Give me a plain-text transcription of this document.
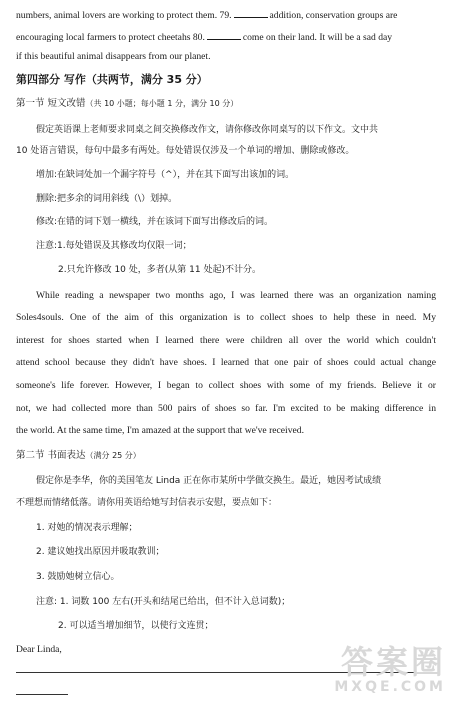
numbers, animal lovers are working to protect them. 79.	addition, conservation groups are
encouraging local farmers to protect cheetahs 80.	come on their land. It will be a sad day
if this beautiful animal disappears from our planet.
第四部分 写作（共两节，满分 35 分）
第一节 短文改错（共 10 小题；每小题 1 分，满分 10 分）
假定英语课上老师要求同桌之间交换修改作文，请你修改你同桌写的以下作文。文中共
10 处语言错误，每句中最多有两处。每处错误仅涉及一个单词的增加、删除或修改。
增加:在缺词处加一个漏字符号（^），并在其下面写出该加的词。
删除:把多余的词用斜线（\）划掉。
修改:在错的词下划一横线，并在该词下面写出修改后的词。
注意:1.每处错误及其修改均仅限一词；
2.只允许修改 10 处，多者(从第 11 处起)不计分。
While reading a newspaper two months ago, I was learned there was an organization naming
Soles4souls. One of the aim of this organization is to collect shoes to help these in need. My
interest for shoes started when I learned there were children all over the world which couldn't
attend school because they didn't have shoes. I learned that one pair of shoes could actual change
someone's life forever. However, I began to collect shoes with some of my friends. Believe it or
not, we had collected more than 500 pairs of shoes so far. I'm excited to be making difference in
the world. At the same time, I'm amazed at the support that we've received.
第二节 书面表达（满分 25 分）
假定你是李华，你的美国笔友 Linda 正在你市某所中学做交换生。最近，她因考试成绩
不理想而情绪低落。请你用英语给她写封信表示安慰，要点如下：
1. 对她的情况表示理解；
2. 建议她找出原因并吸取教训；
3. 鼓励她树立信心。
注意: 1. 词数 100 左右(开头和结尾已给出，但不计入总词数)；
2. 可以适当增加细节，以使行文连贯；
Dear Linda,	答案圈
MXQE.COM
